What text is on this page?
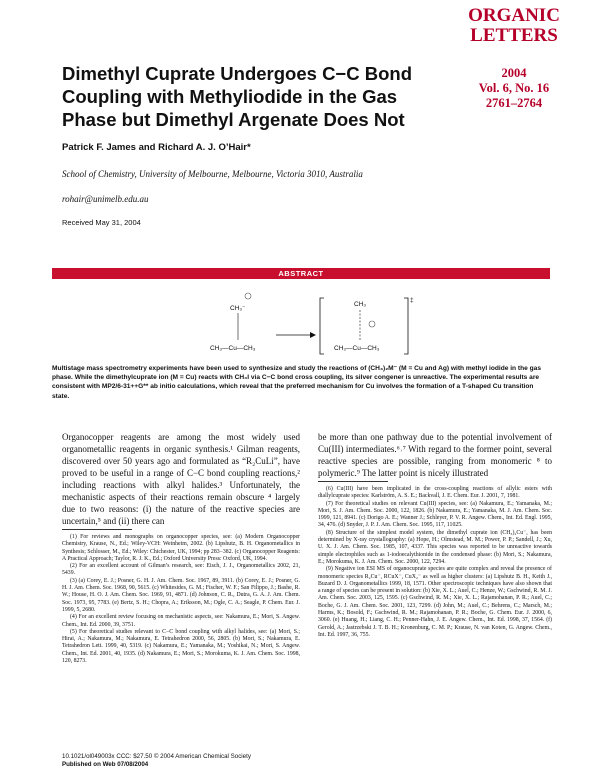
ORGANIC
LETTERS
2004
Vol. 6, No. 16
2761–2764
Dimethyl Cuprate Undergoes C−C Bond Coupling with Methyliodide in the Gas Phase but Dimethyl Argenate Does Not
Patrick F. James and Richard A. J. O’Hair*
School of Chemistry, University of Melbourne, Melbourne, Victoria 3010, Australia
rohair@unimelb.edu.au
Received May 31, 2004
ABSTRACT
CH₃⁻
CH₃—Cu—CH₃
‡
CH₃
CH₃—Cu—CH₃
Multistage mass spectrometry experiments have been used to synthesize and study the reactions of (CH₃)₂M⁻ (M = Cu and Ag) with methyl iodide in the gas phase. While the dimethylcuprate ion (M = Cu) reacts with CH₃I via C−C bond cross coupling, its silver congener is unreactive. The experimental results are consistent with MP2/6-31++G** ab initio calculations, which reveal that the preferred mechanism for Cu involves the formation of a T-shaped Cu transition state.
Organocopper reagents are among the most widely used organometallic reagents in organic synthesis.¹ Gilman reagents, discovered over 50 years ago and formulated as “R₂CuLi”, have proved to be useful in a range of C−C bond coupling reactions,² including reactions with alkyl halides.³ Unfortunately, the mechanistic aspects of their reactions remain obscure ⁴ largely due to two reasons: (i) the nature of the reactive species are uncertain,⁵ and (ii) there can
be more than one pathway due to the potential involvement of Cu(III) intermediates.⁶˒⁷ With regard to the former point, several reactive species are possible, ranging from monomeric ⁸ to polymeric.⁹ The latter point is nicely illustrated

(1) For reviews and monographs on organocopper species, see: (a) Modern Organocopper Chemistry, Krause, N., Ed.; Wiley-VCH: Weinheim, 2002. (b) Lipshutz, B. H. Organometallics in Synthesis; Schlosser, M., Ed.; Wiley: Chichester, UK, 1994; pp 283−382. (c) Organocopper Reagents: A Practical Approach; Taylor, R. J. K., Ed.; Oxford University Press: Oxford, UK, 1994.

(2) For an excellent account of Gilman’s research, see: Eisch, J. J., Organometallics 2002, 21, 5439.

(3) (a) Corey, E. J.; Posner, G. H. J. Am. Chem. Soc. 1967, 89, 3911. (b) Corey, E. J.; Posner, G. H. J. Am. Chem. Soc. 1968, 90, 5615. (c) Whitesides, G. M.; Fischer, W. F.; San Filippo, J.; Bashe, R. W.; House, H. O. J. Am. Chem. Soc. 1969, 91, 4871. (d) Johnson, C. R., Dutra, G. A. J. Am. Chem. Soc. 1973, 95, 7783. (e) Bertz, S. H.; Chopra, A.; Eriksson, M.; Ogle, C. A.; Seagle, P. Chem. Eur. J. 1999, 5, 2680.

(4) For an excellent review focusing on mechanistic aspects, see: Nakamura, E.; Mori, S. Angew. Chem., Int. Ed. 2000, 39, 3751.

(5) For theoretical studies relevant to C−C bond coupling with alkyl halides, see: (a) Mori, S.; Hirai, A.; Nakamura, M.; Nakamura, E. Tetrahedron 2000, 56, 2805. (b) Mori, S.; Nakamura, E. Tetrahedron Lett. 1999, 40, 5319. (c) Nakamura, E.; Yamanaka, M.; Yoshikai, N.; Mori, S. Angew. Chem., Int. Ed. 2001, 40, 1935. (d) Nakamura, E.; Mori, S.; Morokuma, K. J. Am. Chem. Soc. 1998, 120, 8273.

(6) Cu(III) have been implicated in the cross-coupling reactions of allylic esters with diallylcuprate species: Karlström, A. S. E.; Backvall, J. E. Chem. Eur. J. 2001, 7, 1981.

(7) For theoretical studies on relevant Cu(III) species, see: (a) Nakamura, E.; Yamanaka, M.; Mori, S. J. Am. Chem. Soc. 2000, 122, 1826. (b) Nakamura, E.; Yamanaka, M. J. Am. Chem. Soc. 1999, 121, 8941. (c) Dorigo A. E.; Wanner J.; Schleyer, P. V. R. Angew. Chem., Int. Ed. Engl. 1995, 34, 476. (d) Snyder, J. P. J. Am. Chem. Soc. 1995, 117, 11025.

(8) Structure of the simplest model system, the dimethyl cuprate ion (CH₃)₂Cu⁻, has been determined by X-ray crystallography: (a) Hope, H.; Olmstead, M. M.; Power, P. P.; Sandell, J.; Xu, U. X. J. Am. Chem. Soc. 1985, 107, 4337. This species was reported to be unreactive towards simple electrophiles such as 1-iodoecalythionide in the condensed phase: (b) Mori, S.; Nakamura, E.; Morokuma, K. J. Am. Chem. Soc. 2000, 122, 7294.

(9) Negative ion ESI MS of organocuprate species are quite complex and reveal the presence of monomeric species R₂Cu⁻, RCuX⁻, CuX₂⁻ as well as higher clusters: (a) Lipshutz B. H., Keith J., Buzard D. J. Organometallics 1999, 18, 1571. Other spectroscopic techniques have also shown that a range of species can be present in solution: (b) Xie, X. L.; Auel, C.; Henze, W.; Gschwind, R. M. J. Am. Chem. Soc. 2003, 125, 1595. (c) Gschwind, R. M.; Xie, X. L.; Rajamohanan, P. R.; Auel, C.; Boche, G. J. Am. Chem. Soc. 2001, 123, 7299. (d) John, M.; Auel, C.; Behrens, C.; Marsch, M.; Harms, K.; Bosold, F.; Gschwind, R. M.; Rajamohanan, P. R.; Boche, G. Chem. Eur. J. 2000, 6, 3060. (e) Huang, H.; Liang, C. H.; Penner-Hahn, J. E. Angew. Chem., Int. Ed. 1998, 37, 1564. (f) Gerold, A.; Jastrzebski J. T. B. H.; Kronenburg, C. M. P.; Krause, N. van Koten, G. Angew. Chem., Int. Ed. 1997, 36, 755.

10.1021/ol049003x CCC: $27.50 © 2004 American Chemical Society
Published on Web 07/08/2004
